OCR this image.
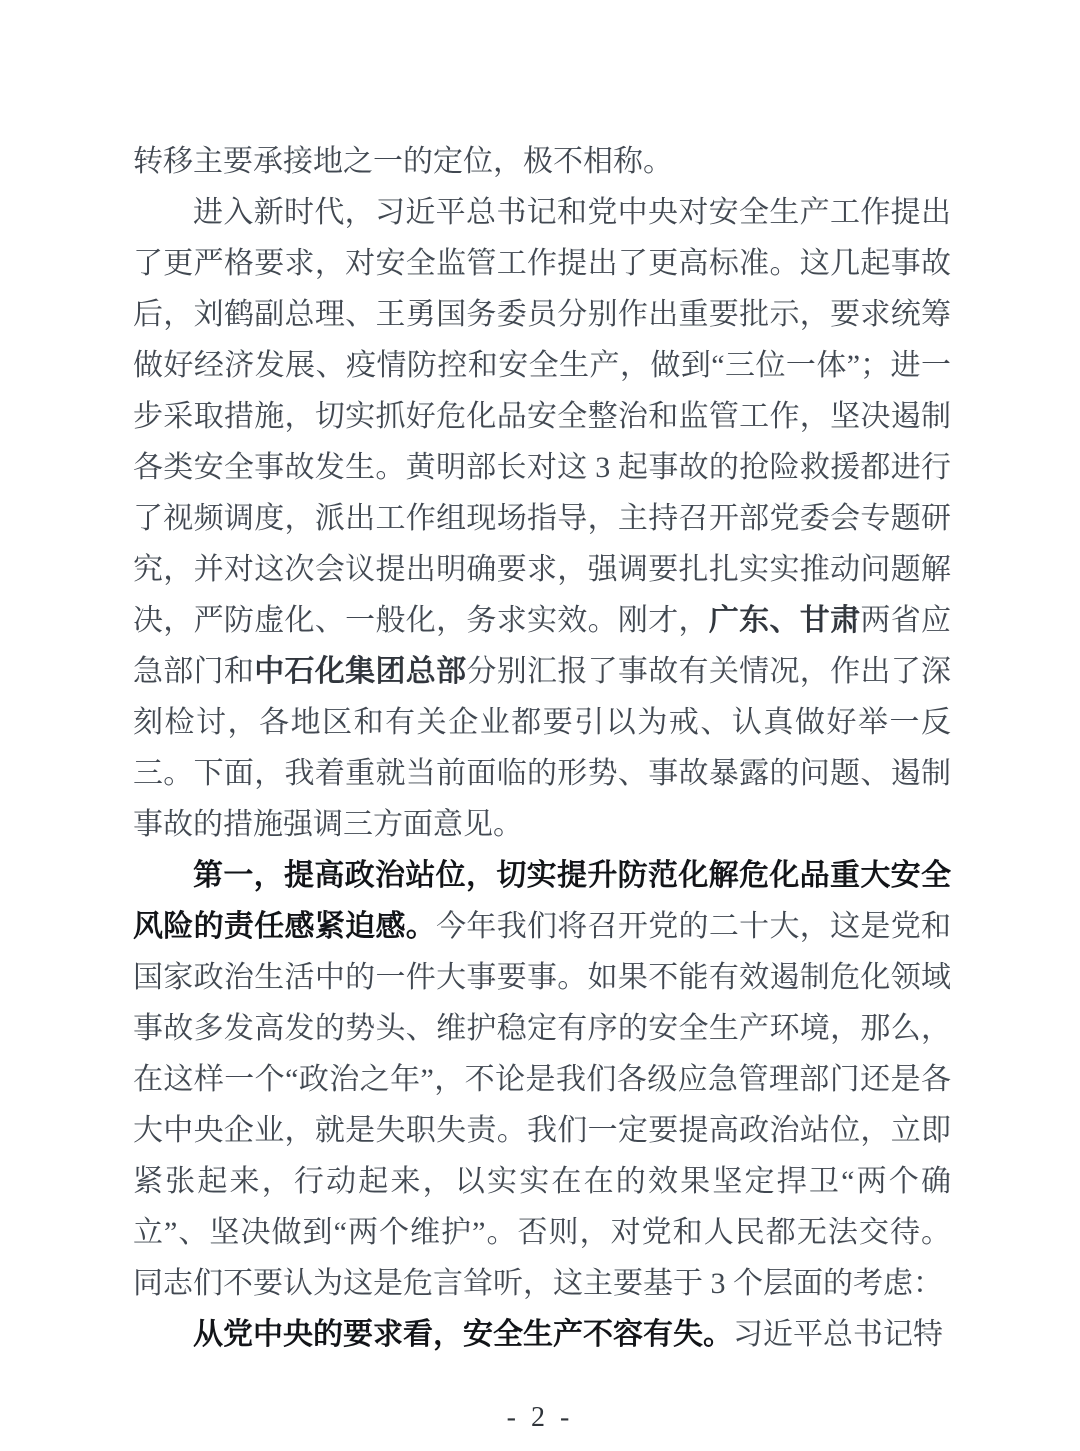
转移主要承接地之一的定位，极不相称。

进入新时代，习近平总书记和党中央对安全生产工作提出了更严格要求，对安全监管工作提出了更高标准。这几起事故后，刘鹤副总理、王勇国务委员分别作出重要批示，要求统筹做好经济发展、疫情防控和安全生产，做到“三位一体”；进一步采取措施，切实抓好危化品安全整治和监管工作，坚决遏制各类安全事故发生。黄明部长对这 3 起事故的抢险救援都进行了视频调度，派出工作组现场指导，主持召开部党委会专题研究，并对这次会议提出明确要求，强调要扎扎实实推动问题解决，严防虚化、一般化，务求实效。刚才，广东、甘肃两省应急部门和中石化集团总部分别汇报了事故有关情况，作出了深刻检讨，各地区和有关企业都要引以为戒、认真做好举一反三。下面，我着重就当前面临的形势、事故暴露的问题、遏制事故的措施强调三方面意见。

第一，提高政治站位，切实提升防范化解危化品重大安全风险的责任感紧迫感。今年我们将召开党的二十大，这是党和国家政治生活中的一件大事要事。如果不能有效遏制危化领域事故多发高发的势头、维护稳定有序的安全生产环境，那么，在这样一个“政治之年”，不论是我们各级应急管理部门还是各大中央企业，就是失职失责。我们一定要提高政治站位，立即紧张起来，行动起来，以实实在在的效果坚定捍卫“两个确立”、坚决做到“两个维护”。否则，对党和人民都无法交待。同志们不要认为这是危言耸听，这主要基于 3 个层面的考虑：

从党中央的要求看，安全生产不容有失。习近平总书记特

- 2 -
